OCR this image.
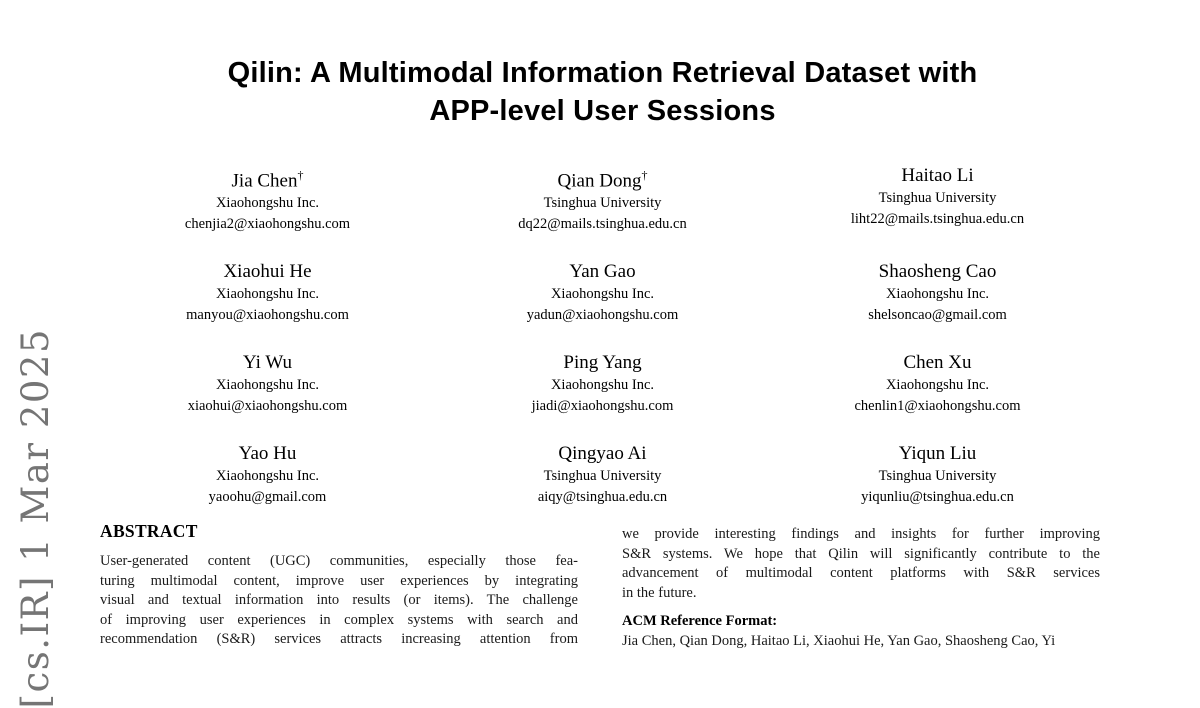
[cs.IR] 1 Mar 2025
Qilin: A Multimodal Information Retrieval Dataset with
APP-level User Sessions
Jia Chen†
Xiaohongshu Inc.
chenjia2@xiaohongshu.com
Qian Dong†
Tsinghua University
dq22@mails.tsinghua.edu.cn
Haitao Li
Tsinghua University
liht22@mails.tsinghua.edu.cn
Xiaohui He
Xiaohongshu Inc.
manyou@xiaohongshu.com
Yan Gao
Xiaohongshu Inc.
yadun@xiaohongshu.com
Shaosheng Cao
Xiaohongshu Inc.
shelsoncao@gmail.com
Yi Wu
Xiaohongshu Inc.
xiaohui@xiaohongshu.com
Ping Yang
Xiaohongshu Inc.
jiadi@xiaohongshu.com
Chen Xu
Xiaohongshu Inc.
chenlin1@xiaohongshu.com
Yao Hu
Xiaohongshu Inc.
yaoohu@gmail.com
Qingyao Ai
Tsinghua University
aiqy@tsinghua.edu.cn
Yiqun Liu
Tsinghua University
yiqunliu@tsinghua.edu.cn
ABSTRACT
User-generated content (UGC) communities, especially those fea-
turing multimodal content, improve user experiences by integrating
visual and textual information into results (or items). The challenge
of improving user experiences in complex systems with search and
recommendation (S&R) services attracts increasing attention from
we provide interesting findings and insights for further improving
S&R systems. We hope that Qilin will significantly contribute to the
advancement of multimodal content platforms with S&R services
in the future.
ACM Reference Format:
Jia Chen, Qian Dong, Haitao Li, Xiaohui He, Yan Gao, Shaosheng Cao, Yi
